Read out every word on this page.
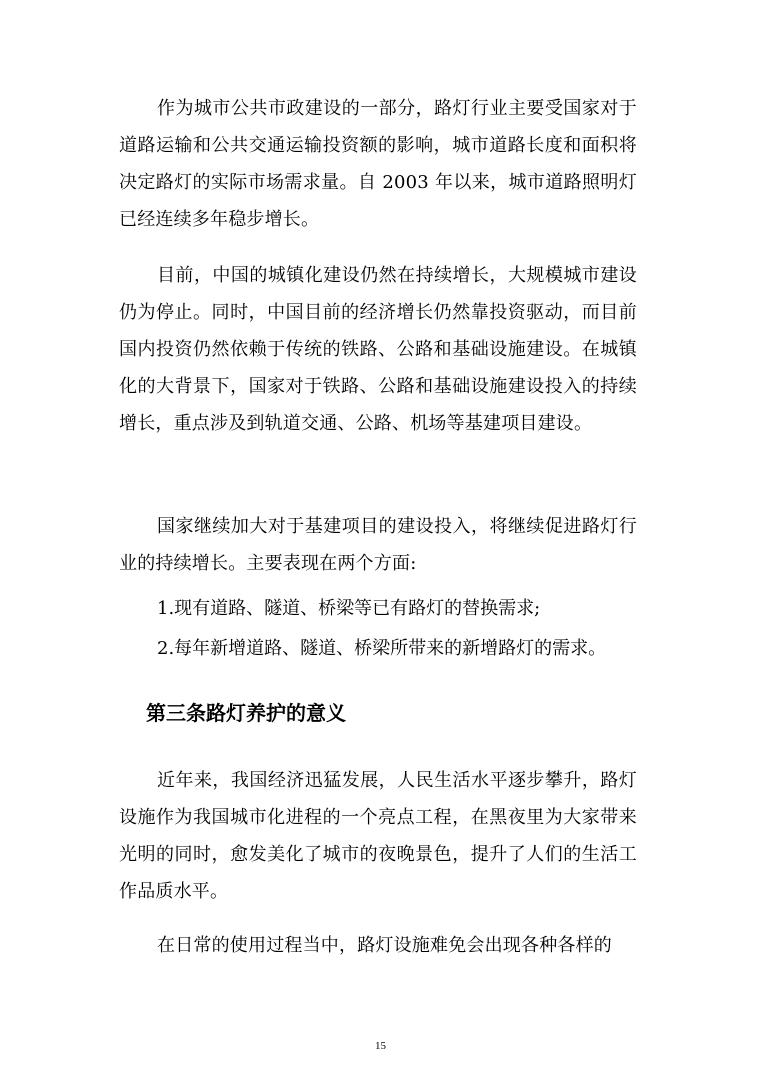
作为城市公共市政建设的一部分，路灯行业主要受国家对于道路运输和公共交通运输投资额的影响，城市道路长度和面积将决定路灯的实际市场需求量。自 2003 年以来，城市道路照明灯已经连续多年稳步增长。

目前，中国的城镇化建设仍然在持续增长，大规模城市建设仍为停止。同时，中国目前的经济增长仍然靠投资驱动，而目前国内投资仍然依赖于传统的铁路、公路和基础设施建设。在城镇化的大背景下，国家对于铁路、公路和基础设施建设投入的持续增长，重点涉及到轨道交通、公路、机场等基建项目建设。

国家继续加大对于基建项目的建设投入，将继续促进路灯行业的持续增长。主要表现在两个方面:

1.现有道路、隧道、桥梁等已有路灯的替换需求;

2.每年新增道路、隧道、桥梁所带来的新增路灯的需求。

第三条路灯养护的意义

近年来，我国经济迅猛发展，人民生活水平逐步攀升，路灯设施作为我国城市化进程的一个亮点工程，在黑夜里为大家带来光明的同时，愈发美化了城市的夜晚景色，提升了人们的生活工作品质水平。

在日常的使用过程当中，路灯设施难免会出现各种各样的

15
